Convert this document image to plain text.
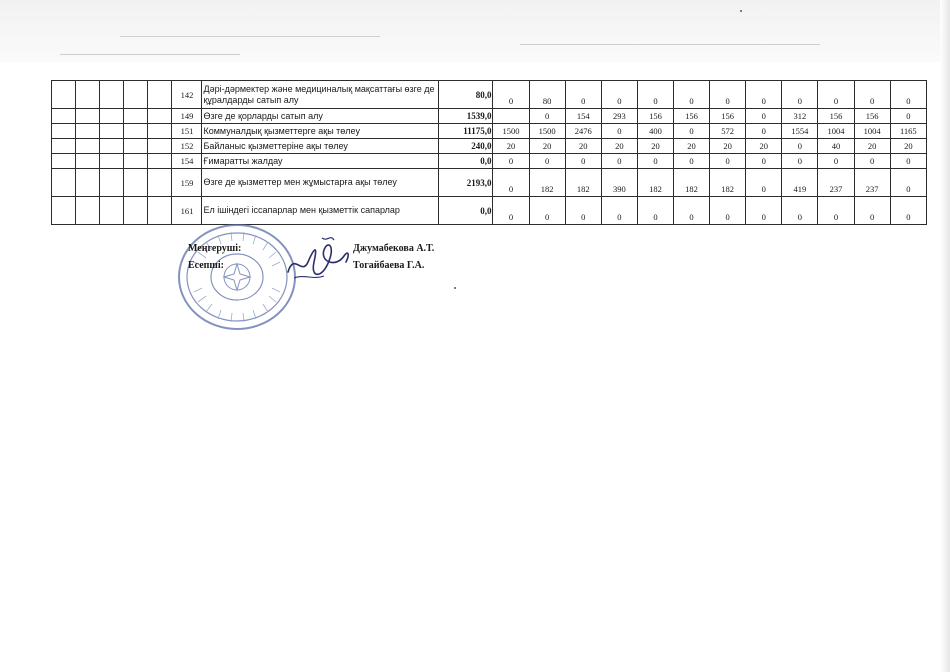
					142	Дәрі-дәрмектер және медициналық мақсаттағы өзге де құралдарды сатып алу	80,0	0	80	0	0	0	0	0	0	0	0	0	0
					149	Өзге де қорларды сатып алу	1539,0		0	154	293	156	156	156	0	312	156	156	0
					151	Коммуналдық қызметтерге ақы төлеу	11175,0	1500	1500	2476	0	400	0	572	0	1554	1004	1004	1165
					152	Байланыс қызметтеріне ақы төлеу	240,0	20	20	20	20	20	20	20	20	0	40	20	20
					154	Ғимаратты жалдау	0,0	0	0	0	0	0	0	0	0	0	0	0	0
					159	Өзге де қызметтер мен жұмыстарға ақы төлеу	2193,0	0	182	182	390	182	182	182	0	419	237	237	0
					161	Ел ішіндегі іссапарлар мен қызметтік сапарлар	0,0	0	0	0	0	0	0	0	0	0	0	0	0
Меңгеруші:	Джумабекова А.Т.
Есепші:	Тогайбаева Г.А.
